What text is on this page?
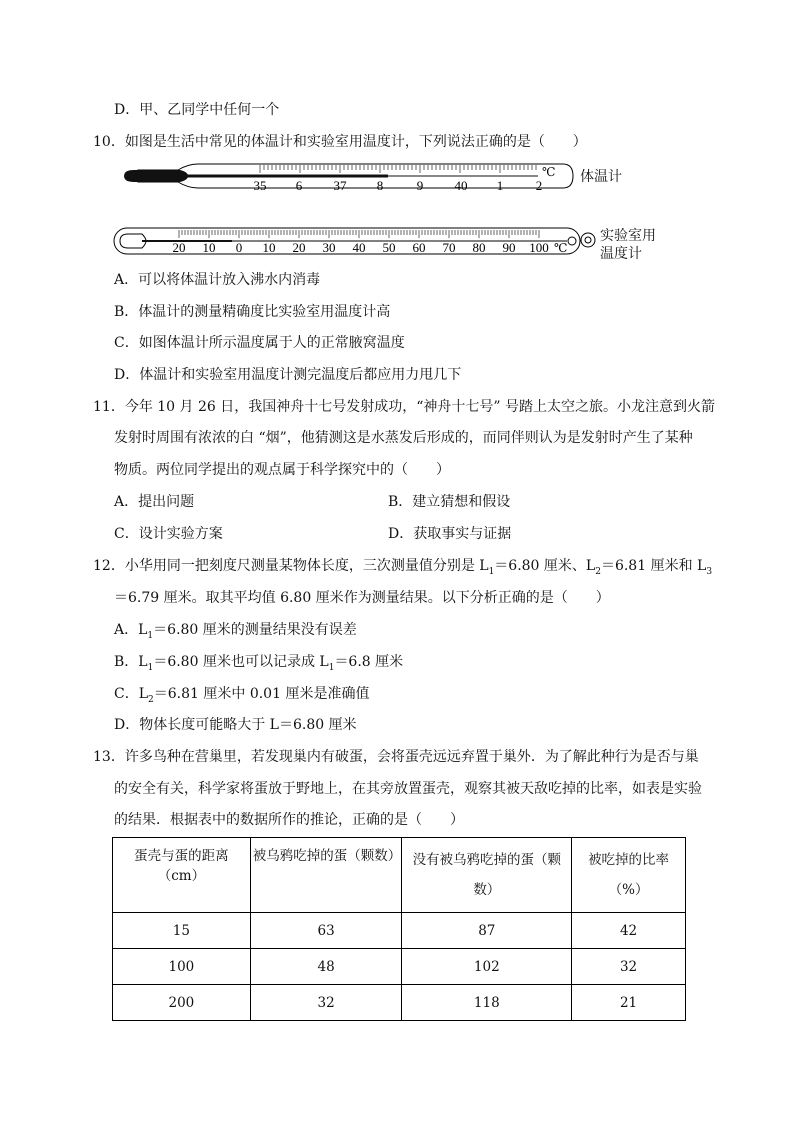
D．甲、乙同学中任何一个
10．如图是生活中常见的体温计和实验室用温度计，下列说法正确的是（　　）
35 6 37 8	9 40 1	2
℃ 体温计
20 10 0 10 20 30 40 50 60 70 80 90 100 ℃
实验室用
温度计
A．可以将体温计放入沸水内消毒
B．体温计的测量精确度比实验室用温度计高
C．如图体温计所示温度属于人的正常腋窝温度
D．体温计和实验室用温度计测完温度后都应用力甩几下
11．今年 10 月 26 日，我国神舟十七号发射成功，“神舟十七号” 号踏上太空之旅。小龙注意到火箭
发射时周围有浓浓的白 “烟”，他猜测这是水蒸发后形成的，而同伴则认为是发射时产生了某种
物质。两位同学提出的观点属于科学探究中的（　　）
A．提出问题	B．建立猜想和假设
C．设计实验方案	D．获取事实与证据
12．小华用同一把刻度尺测量某物体长度，三次测量值分别是 $L_1=6.80$ 厘米、$L_2=6.81$ 厘米和 $L_3$
＝6.79 厘米。取其平均值 6.80 厘米作为测量结果。以下分析正确的是（　　）
A．$L_1=6.80$ 厘米的测量结果没有误差
B．$L_1=6.80$ 厘米也可以记录成 $L_1=6.8$ 厘米
C．$L_2=6.81$ 厘米中 0.01 厘米是准确值
D．物体长度可能略大于 L＝6.80 厘米
13．许多鸟种在营巢里，若发现巢内有破蛋，会将蛋壳远远弃置于巢外．为了解此种行为是否与巢
的安全有关，科学家将蛋放于野地上，在其旁放置蛋壳，观察其被天敌吃掉的比率，如表是实验
的结果．根据表中的数据所作的推论，正确的是（　　）
蛋壳与蛋的距离（cm）	被乌鸦吃掉的蛋（颗数）	没有被乌鸦吃掉的蛋（颗数）	被吃掉的比率（%）
15	63	87	42
100	48	102	32
200	32	118	21
